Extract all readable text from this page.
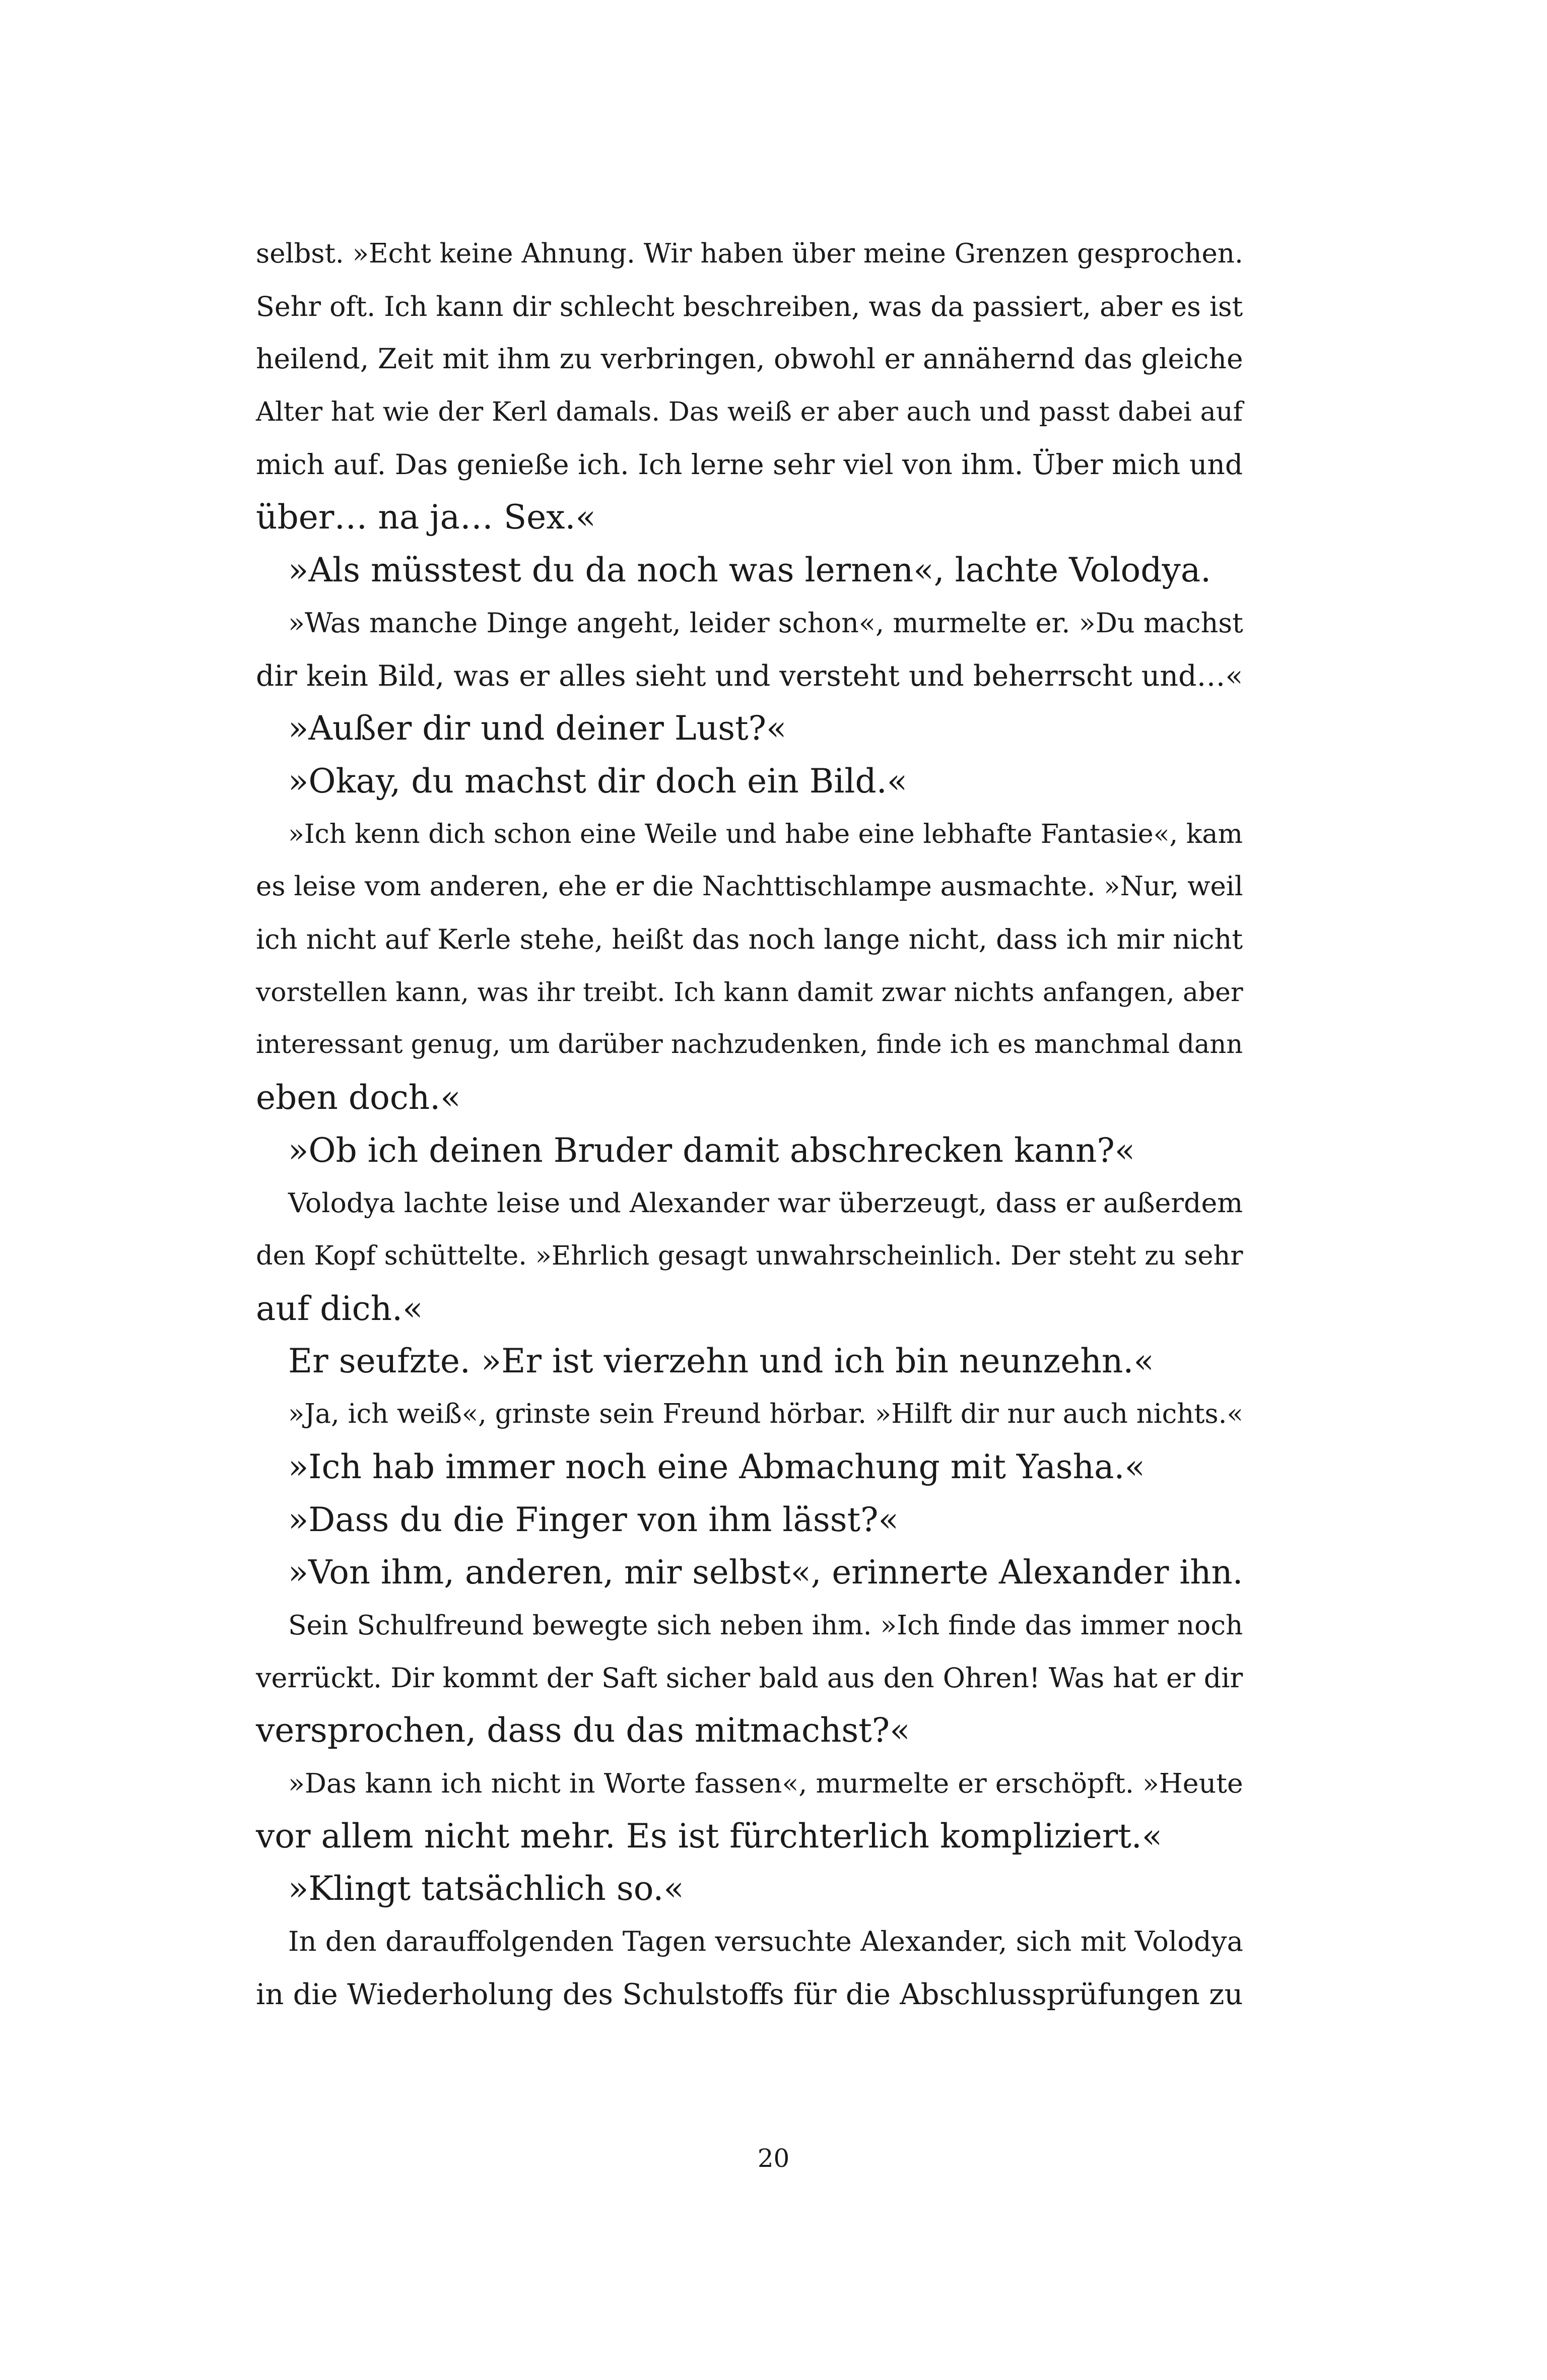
selbst. »Echt keine Ahnung. Wir haben über meine Grenzen gesprochen.
Sehr oft. Ich kann dir schlecht beschreiben, was da passiert, aber es ist
heilend, Zeit mit ihm zu verbringen, obwohl er annähernd das gleiche
Alter hat wie der Kerl damals. Das weiß er aber auch und passt dabei auf
mich auf. Das genieße ich. Ich lerne sehr viel von ihm. Über mich und
über… na ja… Sex.«
»Als müsstest du da noch was lernen«, lachte Volodya.
»Was manche Dinge angeht, leider schon«, murmelte er. »Du machst
dir kein Bild, was er alles sieht und versteht und beherrscht und…«
»Außer dir und deiner Lust?«
»Okay, du machst dir doch ein Bild.«
»Ich kenn dich schon eine Weile und habe eine lebhafte Fantasie«, kam
es leise vom anderen, ehe er die Nachttischlampe ausmachte. »Nur, weil
ich nicht auf Kerle stehe, heißt das noch lange nicht, dass ich mir nicht
vorstellen kann, was ihr treibt. Ich kann damit zwar nichts anfangen, aber
interessant genug, um darüber nachzudenken, finde ich es manchmal dann
eben doch.«
»Ob ich deinen Bruder damit abschrecken kann?«
Volodya lachte leise und Alexander war überzeugt, dass er außerdem
den Kopf schüttelte. »Ehrlich gesagt unwahrscheinlich. Der steht zu sehr
auf dich.«
Er seufzte. »Er ist vierzehn und ich bin neunzehn.«
»Ja, ich weiß«, grinste sein Freund hörbar. »Hilft dir nur auch nichts.«
»Ich hab immer noch eine Abmachung mit Yasha.«
»Dass du die Finger von ihm lässt?«
»Von ihm, anderen, mir selbst«, erinnerte Alexander ihn.
Sein Schulfreund bewegte sich neben ihm. »Ich finde das immer noch
verrückt. Dir kommt der Saft sicher bald aus den Ohren! Was hat er dir
versprochen, dass du das mitmachst?«
»Das kann ich nicht in Worte fassen«, murmelte er erschöpft. »Heute
vor allem nicht mehr. Es ist fürchterlich kompliziert.«
»Klingt tatsächlich so.«
In den darauffolgenden Tagen versuchte Alexander, sich mit Volodya
in die Wiederholung des Schulstoffs für die Abschlussprüfungen zu
20
